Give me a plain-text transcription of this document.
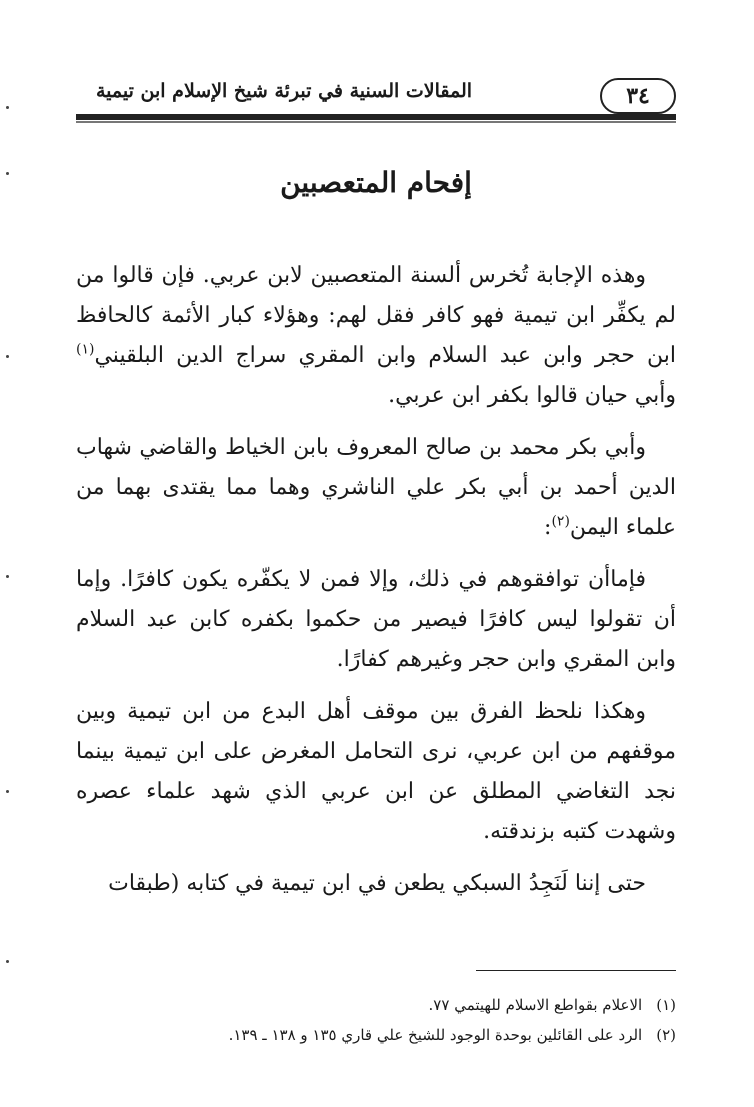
٣٤
المقالات السنية في تبرئة شيخ الإسلام ابن تيمية
إفحام المتعصبين

وهذه الإجابة تُخرس ألسنة المتعصبين لابن عربي. فإن قالوا من لم يكفِّر ابن تيمية فهو كافر فقل لهم: وهؤلاء كبار الأئمة كالحافظ ابن حجر وابن عبد السلام وابن المقري سراج الدين البلقيني$^{(١)}$ وأبي حيان قالوا بكفر ابن عربي.

وأبي بكر محمد بن صالح المعروف بابن الخياط والقاضي شهاب الدين أحمد بن أبي بكر علي الناشري وهما مما يقتدى بهما من علماء اليمن$^{(٢)}$:

فإماأن توافقوهم في ذلك، وإلا فمن لا يكفّره يكون كافرًا. وإما أن تقولوا ليس كافرًا فيصير من حكموا بكفره كابن عبد السلام وابن المقري وابن حجر وغيرهم كفارًا.

وهكذا نلحظ الفرق بين موقف أهل البدع من ابن تيمية وبين موقفهم من ابن عربي، نرى التحامل المغرض على ابن تيمية بينما نجد التغاضي المطلق عن ابن عربي الذي شهد علماء عصره وشهدت كتبه بزندقته.

حتى إننا لَنَجِدُ السبكي يطعن في ابن تيمية في كتابه (طبقات

(١)
الاعلام بقواطع الاسلام للهيتمي ٧٧.
(٢)
الرد على القائلين بوحدة الوجود للشيخ علي قاري ١٣٥ و ١٣٨ ـ ١٣٩.
